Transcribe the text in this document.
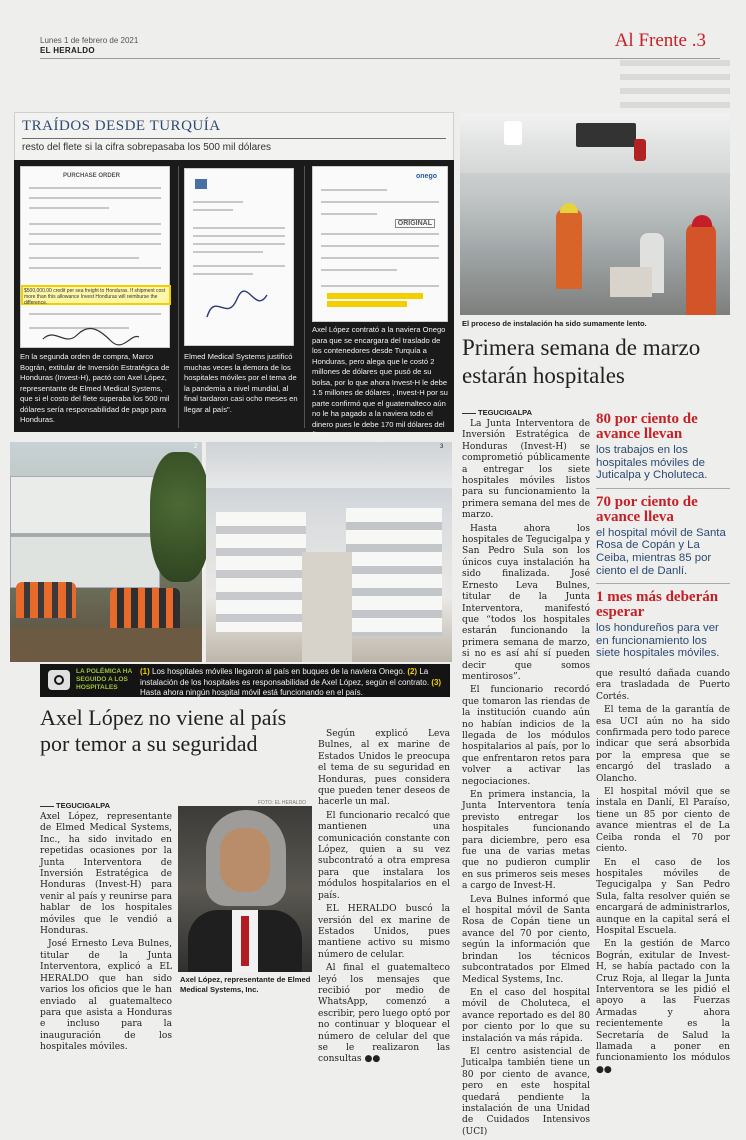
Lunes 1 de febrero de 2021
EL HERALDO	Al Frente .3
TRAÍDOS DESDE TURQUÍA
resto del flete si la cifra sobrepasaba los 500 mil dólares
PURCHASE ORDER
$500,000.00 credit per sea freight to Honduras. If shipment cost more than this allowance Invest Honduras will reimburse the difference.
onego
ORIGINAL
En la segunda orden de compra, Marco Bográn, extitular de Inversión Estratégica de Honduras (Invest-H), pactó con Axel López, representante de Elmed Medical Systems, que si el costo del flete superaba los 500 mil dólares sería responsabilidad de pago para Honduras.
Elmed Medical Systems justificó muchas veces la demora de los hospitales móviles por el tema de la pandemia a nivel mundial, al final tardaron casi ocho meses en llegar al país".
Axel López contrató a la naviera Onego para que se encargara del traslado de los contenedores desde Turquía a Honduras, pero alega que le costó 2 millones de dólares que pusó de su bolsa, por lo que ahora Invest-H le debe 1.5 millones de dólares , Invest-H por su parte confirmó que el guatemalteco aún no le ha pagado a la naviera todo el dinero pues le debe 170 mil dólares del flete.
El proceso de instalación ha sido sumamente lento.
Primera semana de marzo estarán hospitales
TEGUCIGALPA

La Junta Interventora de Inversión Estratégica de Honduras (Invest-H) se comprometió públicamente a entregar los siete hospitales móviles listos para su funcionamiento la primera semana del mes de marzo.

Hasta ahora los hospitales de Tegucigalpa y San Pedro Sula son los únicos cuya instalación ha sido finalizada. José Ernesto Leva Bulnes, titular de la Junta Interventora, manifestó que “todos los hospitales estarán funcionando la primera semana de marzo, si no es así ahí sí pueden decir que somos mentirosos”.

El funcionario recordó que tomaron las riendas de la institución cuando aún no habían indicios de la llegada de los módulos hospitalarios al país, por lo que enfrentaron retos para volver a activar las negociaciones.

En primera instancia, la Junta Interventora tenía previsto entregar los hospitales funcionando para diciembre, pero esa fue una de varias metas que no pudieron cumplir en sus primeros seis meses a cargo de Invest-H.

Leva Bulnes informó que el hospital móvil de Santa Rosa de Copán tiene un avance del 70 por ciento, según la información que brindan los técnicos subcontratados por Elmed Medical Systems, Inc.

En el caso del hospital móvil de Choluteca, el avance reportado es del 80 por ciento por lo que su instalación va más rápida.

El centro asistencial de Juticalpa también tiene un 80 por ciento de avance, pero en este hospital quedará pendiente la instalación de una Unidad de Cuidados Intensivos (UCI)

80 por ciento de avance llevan
los trabajos en los hospitales móviles de Juticalpa y Choluteca.
70 por ciento de avance lleva
el hospital móvil de Santa Rosa de Copán y La Ceiba, mientras 85 por ciento el de Danlí.
1 mes más deberán esperar
los hondureños para ver en funcionamiento los siete hospitales móviles.

que resultó dañada cuando era trasladada de Puerto Cortés.

El tema de la garantía de esa UCI aún no ha sido confirmada pero todo parece indicar que será absorbida por la empresa que se encargó del traslado a Olancho.

El hospital móvil que se instala en Danlí, El Paraíso, tiene un 85 por ciento de avance mientras el de La Ceiba ronda el 70 por ciento.

En el caso de los hospitales móviles de Tegucigalpa y San Pedro Sula, falta resolver quién se encargará de administrarlos, aunque en la capital será el Hospital Escuela.

En la gestión de Marco Bográn, exitular de Invest-H, se había pactado con la Cruz Roja, al llegar la Junta Interventora se les pidió el apoyo a las Fuerzas Armadas y ahora recientemente es la Secretaría de Salud la llamada a poner en funcionamiento los módulos ●●

2	3
LA POLÉMICA HA SEGUIDO A LOS HOSPITALES
(1) Los hospitales móviles llegaron al país en buques de la naviera Onego. (2) La instalación de los hospitales es responsabilidad de Axel López, según el contrato. (3) Hasta ahora ningún hospital móvil está funcionando en el país.
Axel López no viene al país por temor a su seguridad
TEGUCIGALPA

Axel López, representante de Elmed Medical Systems, Inc., ha sido invitado en repetidas ocasiones por la Junta Interventora de Inversión Estratégica de Honduras (Invest-H) para venir al país y reunirse para hablar de los hospitales móviles que le vendió a Honduras.

José Ernesto Leva Bulnes, titular de la Junta Interventora, explicó a EL HERALDO que han sido varios los oficios que le han enviado al guatemalteco para que asista a Honduras e incluso para la inauguración de los hospitales móviles.

Según explicó Leva Bulnes, al ex marine de Estados Unidos le preocupa el tema de su seguridad en Honduras, pues considera que pueden tener deseos de hacerle un mal.

El funcionario recalcó que mantienen una comunicación constante con López, quien a su vez subcontrató a otra empresa para que instalara los módulos hospitalarios en el país.

EL HERALDO buscó la versión del ex marine de Estados Unidos, pues mantiene activo su mismo número de celular.

Al final el guatemalteco leyó los mensajes que recibió por medio de WhatsApp, comenzó a escribir, pero luego optó por no continuar y bloquear el número de celular del que se le realizaron las consultas ●●

FOTO: EL HERALDO
Axel López, representante de Elmed Medical Systems, Inc.
